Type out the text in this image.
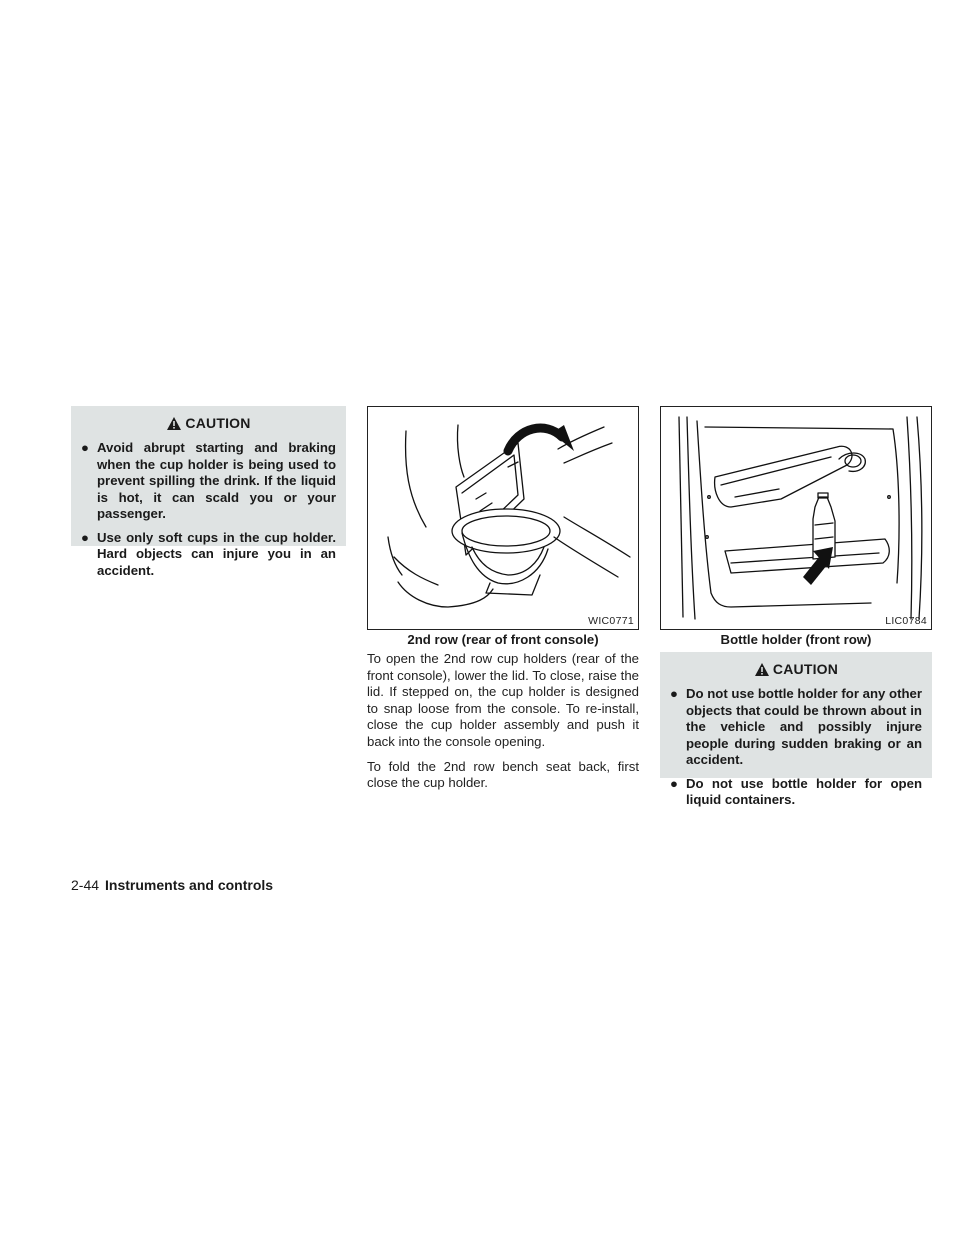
CAUTION
● Avoid abrupt starting and braking when the cup holder is being used to prevent spilling the drink. If the liquid is hot, it can scald you or your passenger.
● Use only soft cups in the cup holder. Hard objects can injure you in an accident.
WIC0771
2nd row (rear of front console)

To open the 2nd row cup holders (rear of the front console), lower the lid. To close, raise the lid. If stepped on, the cup holder is designed to snap loose from the console. To re-install, close the cup holder assembly and push it back into the console opening.

To fold the 2nd row bench seat back, first close the cup holder.

LIC0784
Bottle holder (front row)
CAUTION
● Do not use bottle holder for any other objects that could be thrown about in the vehicle and possibly injure people during sudden braking or an accident.
● Do not use bottle holder for open liquid containers.
2-44 Instruments and controls
